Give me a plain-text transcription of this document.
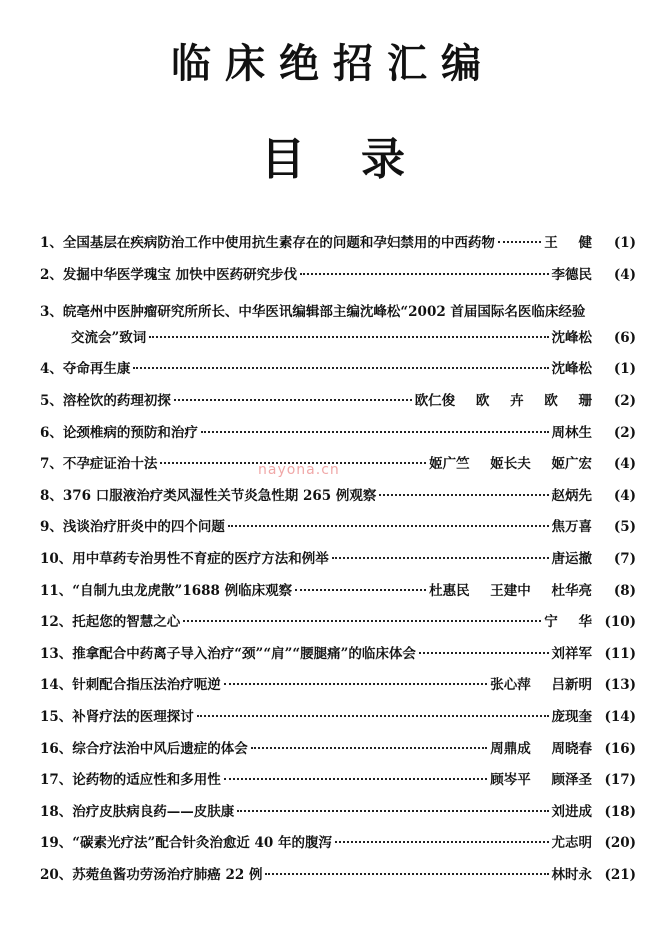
临床绝招汇编
目录
1、全国基层在疾病防治工作中使用抗生素存在的问题和孕妇禁用的中西药物	王 健	(1)
2、发掘中华医学瑰宝 加快中医药研究步伐	李德民	(4)
3、皖亳州中医肿瘤研究所所长、中华医讯编辑部主编沈峰松“2002 首届国际名医临床经验
交流会”致词	沈峰松	(6)
4、夺命再生康	沈峰松	(1)
5、溶栓饮的药理初探	欧仁俊 欧 卉 欧 珊	(2)
6、论颈椎病的预防和治疗	周林生	(2)
7、不孕症证治十法	姬广竺 姬长夫 姬广宏	(4)
8、376 口服液治疗类风湿性关节炎急性期 265 例观察	赵炳先	(4)
9、浅谈治疗肝炎中的四个问题	焦万喜	(5)
10、用中草药专治男性不育症的医疗方法和例举	唐运撤	(7)
11、“自制九虫龙虎散”1688 例临床观察	杜惠民 王建中 杜华亮	(8)
12、托起您的智慧之心	宁 华 (10)
13、推拿配合中药离子导入治疗“颈”“肩”“腰腿痛”的临床体会	刘祥军 (11)
14、针刺配合指压法治疗呃逆	张心萍 吕新明 (13)
15、补肾疗法的医理探讨	庞现奎 (14)
16、综合疗法治中风后遗症的体会	周鼎成 周晓春 (16)
17、论药物的适应性和多用性	顾岑平 顾泽圣 (17)
18、治疗皮肤病良药——皮肤康	刘进成 (18)
19、“碳素光疗法”配合针灸治愈近 40 年的腹泻	尤志明 (20)
20、苏菀鱼酱功劳汤治疗肺癌 22 例	林时永 (21)
nayona.cn
